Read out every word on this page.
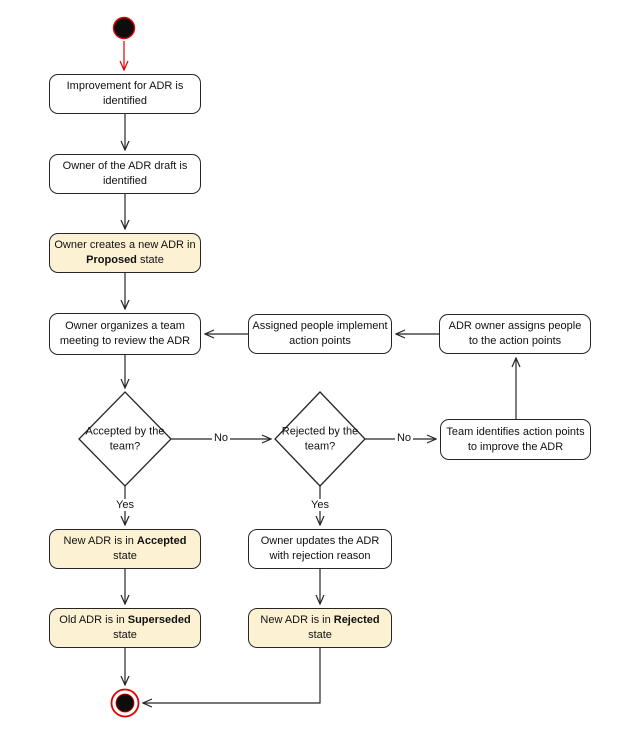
Improvement for ADR is identified
Owner of the ADR draft is identified
Owner creates a new ADR in Proposed state
Owner organizes a team meeting to review the ADR
Assigned people implement action points
ADR owner assigns people to the action points
Team identifies action points to improve the ADR
Accepted by the team?
Rejected by the team?
New ADR is in Accepted state
Old ADR is in Superseded state
Owner updates the ADR with rejection reason
New ADR is in Rejected state
No	No
Yes	Yes
